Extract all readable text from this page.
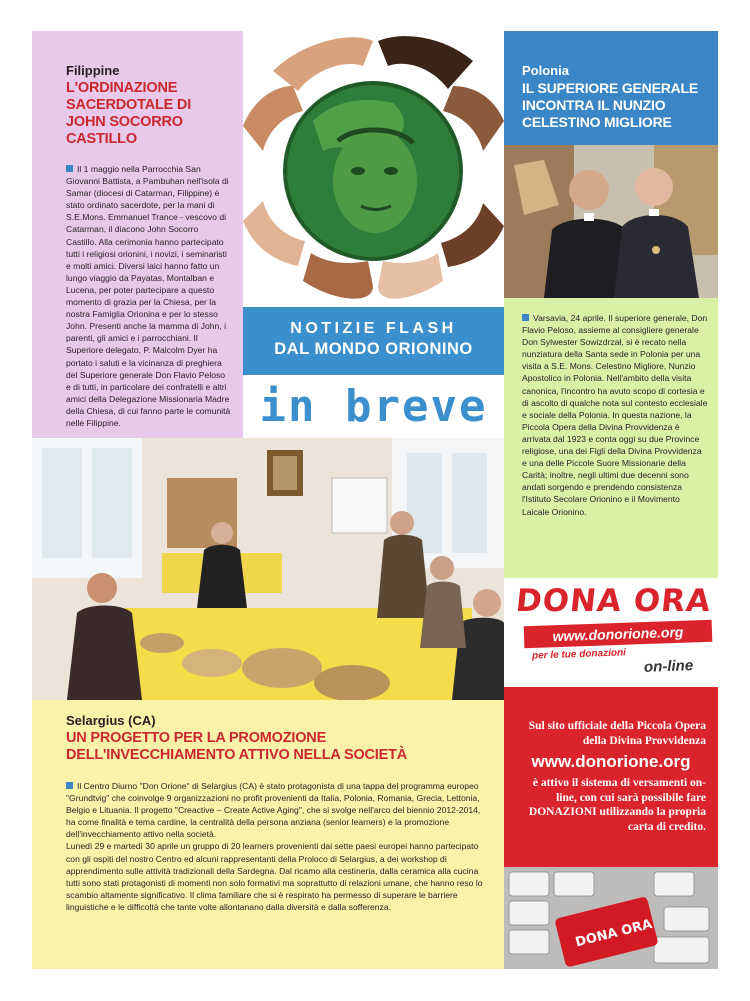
Filippine

L'ORDINAZIONE SACERDOTALE DI JOHN SOCORRO CASTILLO

Il 1 maggio nella Parrocchia San Giovanni Battista, a Pambuhan nell'isola di Samar (diocesi di Catarman, Filippine) è stato ordinato sacerdote, per la mani di S.E.Mons. Emmanuel Trance - vescovo di Catarman, il diacono John Socorro Castillo. Alla cerimonia hanno partecipato tutti i religiosi orionini, i novizi, i seminaristi e molti amici. Diversi laici hanno fatto un lungo viaggio da Payatas, Montalban e Lucena, per poter partecipare a questo momento di grazia per la Chiesa, per la nostra Famiglia Orionina e per lo stesso John. Presenti anche la mamma di John, i parenti, gli amici e i parrocchiani. Il Superiore delegato, P. Malcolm Dyer ha portato i saluti e la vicinanza di preghiera del Superiore generale Don Flavio Peloso e di tutti, in particolare dei confratelli e altri amici della Delegazione Missionaria Madre della Chiesa, di cui fanno parte le comunità nelle Filippine.

NOTIZIE FLASH
DAL MONDO ORIONINO
in breve

Polonia

IL SUPERIORE GENERALE INCONTRA IL NUNZIO CELESTINO MIGLIORE

Varsavia, 24 aprile. Il superiore generale, Don Flavio Peloso, assieme al consigliere generale Don Sylwester Sowizdrzał, si è recato nella nunziatura della Santa sede in Polonia per una visita a S.E. Mons. Celestino Migliore, Nunzio Apostolico in Polonia. Nell'ambito della visita canonica, l'incontro ha avuto scopo di cortesia e di ascolto di qualche nota sul contesto ecclesiale e sociale della Polonia. In questa nazione, la Piccola Opera della Divina Provvidenza è arrivata dal 1923 e conta oggi su due Province religiose, una dei Figli della Divina Provvidenza e una delle Piccole Suore Missionarie della Carità; inoltre, negli ultimi due decenni sono andati sorgendo e prendendo consistenza l'Istituto Secolare Orionino e il Movimento Laicale Orionino.

Selargius (CA)

UN PROGETTO PER LA PROMOZIONE DELL'INVECCHIAMENTO ATTIVO NELLA SOCIETÀ

Il Centro Diurno "Don Orione" di Selargius (CA) è stato protagonista di una tappa del programma europeo "Grundtvig" che coinvolge 9 organizzazioni no profit provenienti da Italia, Polonia, Romania, Grecia, Lettonia, Belgio e Lituania. Il progetto "Creactive – Create Active Aging", che si svolge nell'arco del biennio 2012-2014, ha come finalità e tema cardine, la centralità della persona anziana (senior learners) e la promozione dell'invecchiamento attivo nella società.

Lunedì 29 e martedì 30 aprile un gruppo di 20 learners provenienti dai sette paesi europei hanno partecipato con gli ospiti del nostro Centro ed alcuni rappresentanti della Proloco di Selargius, a dei workshop di apprendimento sulle attività tradizionali della Sardegna. Dal ricamo alla cestineria, dalla ceramica alla cucina tutti sono stati protagonisti di momenti non solo formativi ma soprattutto di relazioni umane, che hanno reso lo scambio altamente significativo. Il clima familiare che si è respirato ha permesso di superare le barriere linguistiche e le difficoltà che tante volte allontanano dalla diversità e dalla sofferenza.

DONA ORA
www.donorione.org
per le tue donazioni
on-line
Sul sito ufficiale della Piccola Opera della Divina Provvidenza
www.donorione.org
è attivo il sistema di versamenti on-line, con cui sarà possibile fare DONAZIONI utilizzando la propria carta di credito.
DONA ORA
